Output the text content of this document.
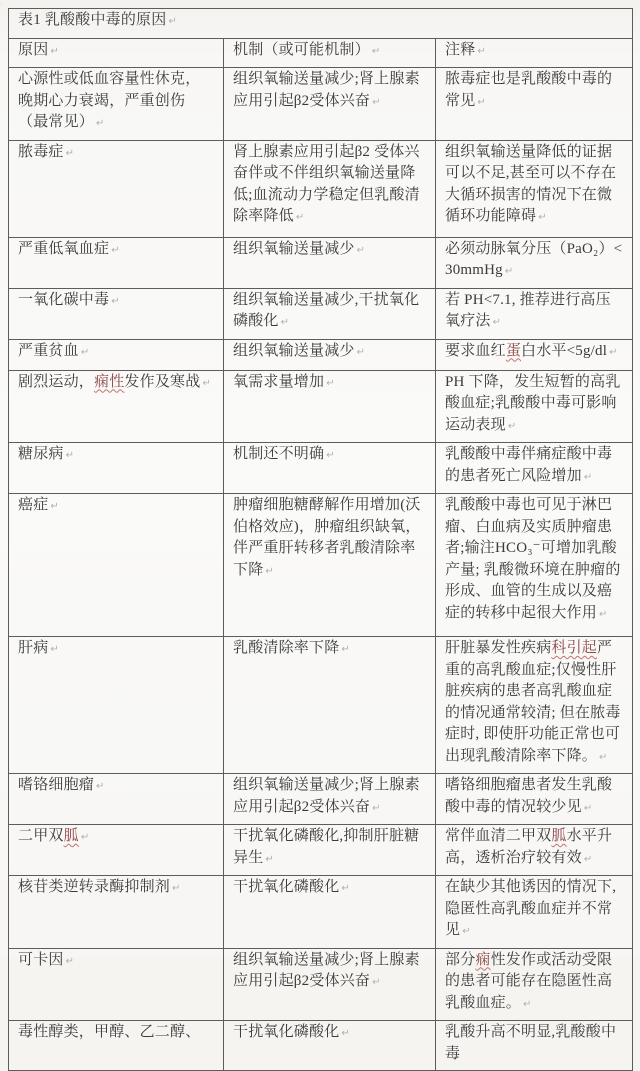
表1 乳酸酸中毒的原因 ↵		
原因 ↵	机制（或可能机制） ↵	注释 ↵

心源性或低血容量性休克，晚期心力衰竭，严重创伤（最常见） ↵	组织氧输送量减少;肾上腺素应用引起β2受体兴奋 ↵	脓毒症也是乳酸酸中毒的常见 ↵

脓毒症 ↵	肾上腺素应用引起β2 受体兴奋伴或不伴组织氧输送量降低;血流动力学稳定但乳酸清除率降低 ↵	组织氧输送量降低的证据可以不足,甚至可以不存在大循环损害的情况下在微循环功能障碍 ↵

严重低氧血症 ↵	组织氧输送量减少 ↵	必须动脉氧分压（PaO₂）<30mmHg ↵

一氧化碳中毒 ↵	组织氧输送量减少,干扰氧化磷酸化 ↵	若 PH<7.1, 推荐进行高压氧疗法 ↵

严重贫血 ↵	组织氧输送量减少 ↵	要求血红蛋白水平<5g/dl ↵

剧烈运动，痫性发作及寒战 ↵	氧需求量增加 ↵	PH 下降，发生短暂的高乳酸血症;乳酸酸中毒可影响运动表现 ↵

糖尿病 ↵	机制还不明确 ↵	乳酸酸中毒伴痛症酸中毒的患者死亡风险增加 ↵

癌症 ↵	肿瘤细胞糖酵解作用增加(沃伯格效应)，肿瘤组织缺氧，伴严重肝转移者乳酸清除率下降 ↵	乳酸酸中毒也可见于淋巴瘤、白血病及实质肿瘤患者;输注HCO₃⁻可增加乳酸产量; 乳酸微环境在肿瘤的形成、血管的生成以及癌症的转移中起很大作用 ↵

肝病 ↵	乳酸清除率下降 ↵	肝脏暴发性疾病科引起严重的高乳酸血症;仅慢性肝脏疾病的患者高乳酸血症的情况通常较清; 但在脓毒症时, 即使肝功能正常也可出现乳酸清除率下降。 ↵

嗜铬细胞瘤 ↵	组织氧输送量减少;肾上腺素应用引起β2受体兴奋 ↵	嗜铬细胞瘤患者发生乳酸酸中毒的情况较少见 ↵

二甲双胍 ↵	干扰氧化磷酸化,抑制肝脏糖异生 ↵	常伴血清二甲双胍水平升高，透析治疗较有效 ↵

核苷类逆转录酶抑制剂 ↵	干扰氧化磷酸化 ↵	在缺少其他诱因的情况下,隐匿性高乳酸血症并不常见 ↵

可卡因 ↵	组织氧输送量减少;肾上腺素应用引起β2受体兴奋 ↵	部分痫性发作或活动受限的患者可能存在隐匿性高乳酸血症。 ↵

毒性醇类，甲醇、乙二醇、	干扰氧化磷酸化 ↵	乳酸升高不明显,乳酸酸中毒
·
